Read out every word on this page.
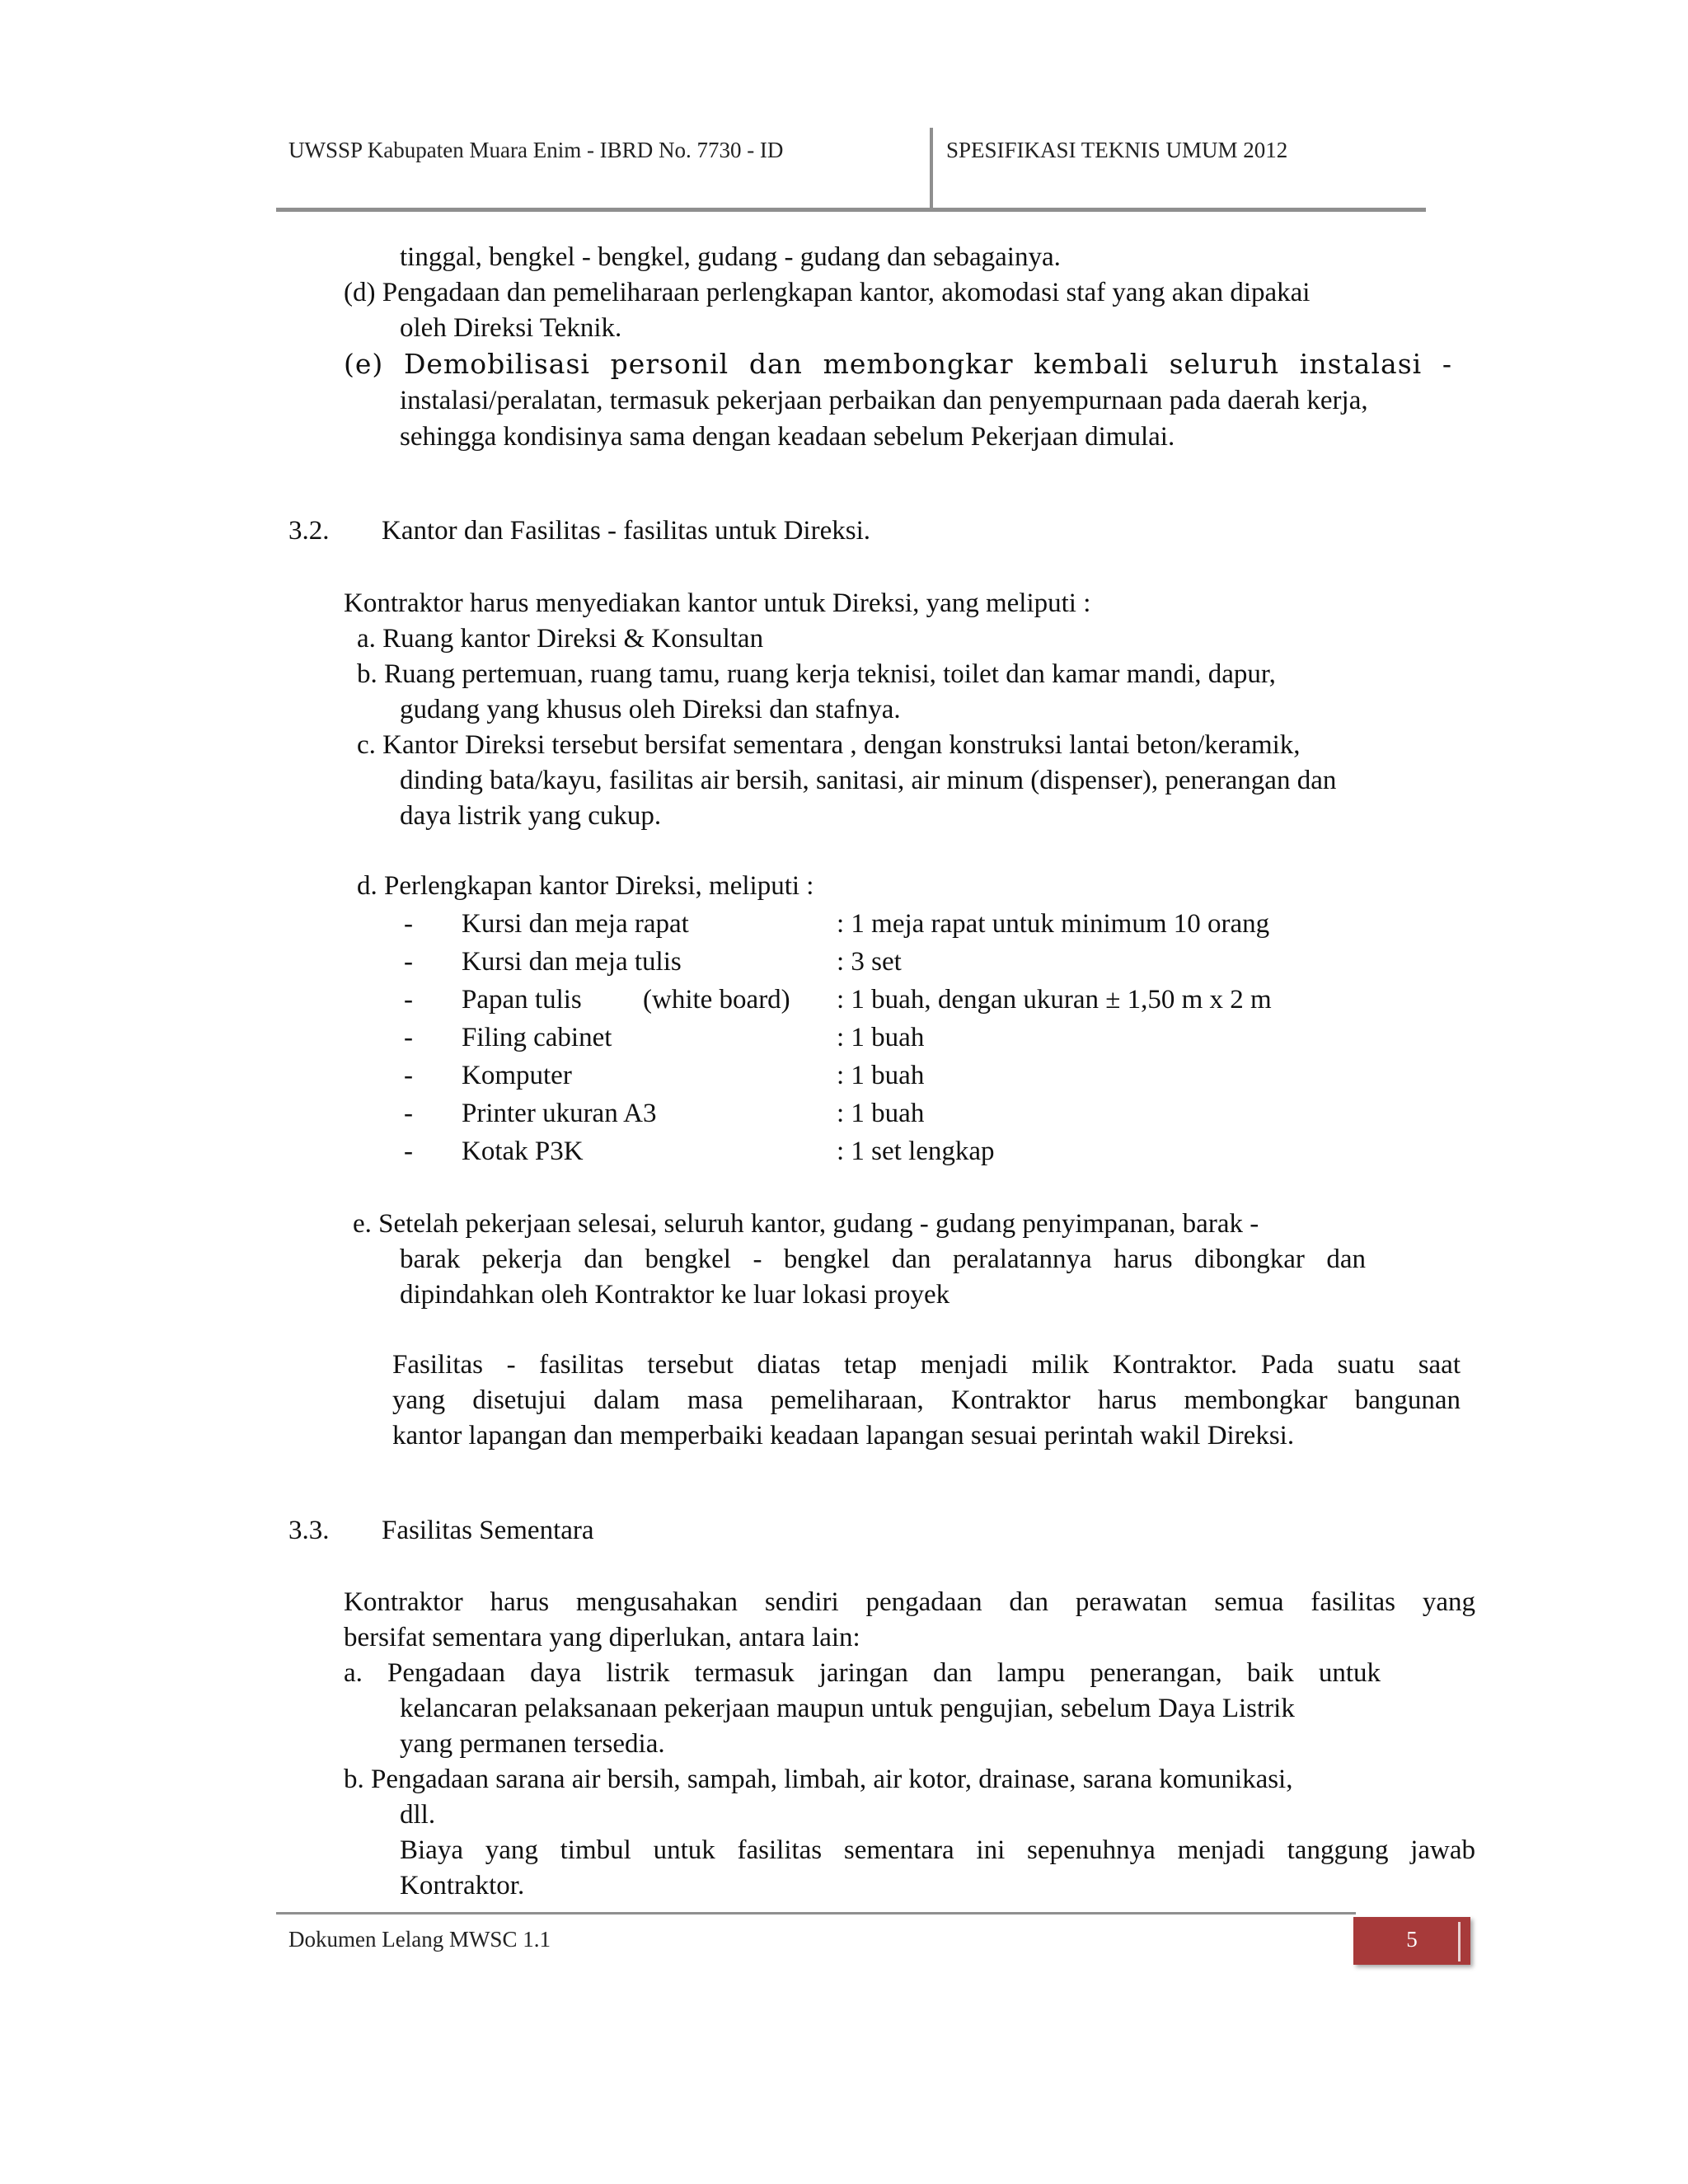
UWSSP Kabupaten Muara Enim - IBRD No. 7730 - ID	SPESIFIKASI TEKNIS UMUM 2012
tinggal, bengkel - bengkel, gudang - gudang dan sebagainya.
(d) Pengadaan dan pemeliharaan perlengkapan kantor, akomodasi staf yang akan dipakai
oleh Direksi Teknik.
(e) Demobilisasi personil dan membongkar kembali seluruh instalasi -
instalasi/peralatan, termasuk pekerjaan perbaikan dan penyempurnaan pada daerah kerja,
sehingga kondisinya sama dengan keadaan sebelum Pekerjaan dimulai.
3.2. Kantor dan Fasilitas - fasilitas untuk Direksi.
Kontraktor harus menyediakan kantor untuk Direksi, yang meliputi :
a. Ruang kantor Direksi & Konsultan
b. Ruang pertemuan, ruang tamu, ruang kerja teknisi, toilet dan kamar mandi, dapur,
gudang yang khusus oleh Direksi dan stafnya.
c. Kantor Direksi tersebut bersifat sementara , dengan konstruksi lantai beton/keramik,
dinding bata/kayu, fasilitas air bersih, sanitasi, air minum (dispenser), penerangan dan
daya listrik yang cukup.
d. Perlengkapan kantor Direksi, meliputi :
- Kursi dan meja rapat	: 1 meja rapat untuk minimum 10 orang
- Kursi dan meja tulis	: 3 set
- Papan tulis         (white board) : 1 buah, dengan ukuran ± 1,50 m x 2 m
- Filing cabinet	: 1 buah
- Komputer	: 1 buah
- Printer ukuran A3	: 1 buah
- Kotak P3K	: 1 set lengkap
e. Setelah pekerjaan selesai, seluruh kantor, gudang - gudang penyimpanan, barak -
barak pekerja dan bengkel - bengkel dan peralatannya harus dibongkar dan
dipindahkan oleh Kontraktor ke luar lokasi proyek
Fasilitas - fasilitas tersebut diatas tetap menjadi milik Kontraktor. Pada suatu saat
yang disetujui dalam masa pemeliharaan, Kontraktor harus membongkar bangunan
kantor lapangan dan memperbaiki keadaan lapangan sesuai perintah wakil Direksi.
3.3. Fasilitas Sementara
Kontraktor harus mengusahakan sendiri pengadaan dan perawatan semua fasilitas yang
bersifat sementara yang diperlukan, antara lain:
a. Pengadaan daya listrik termasuk jaringan dan lampu penerangan, baik untuk
kelancaran pelaksanaan pekerjaan maupun untuk pengujian, sebelum Daya Listrik
yang permanen tersedia.
b. Pengadaan sarana air bersih, sampah, limbah, air kotor, drainase, sarana komunikasi,
dll.
Biaya yang timbul untuk fasilitas sementara ini sepenuhnya menjadi tanggung jawab
Kontraktor.
Dokumen Lelang MWSC 1.1	5
